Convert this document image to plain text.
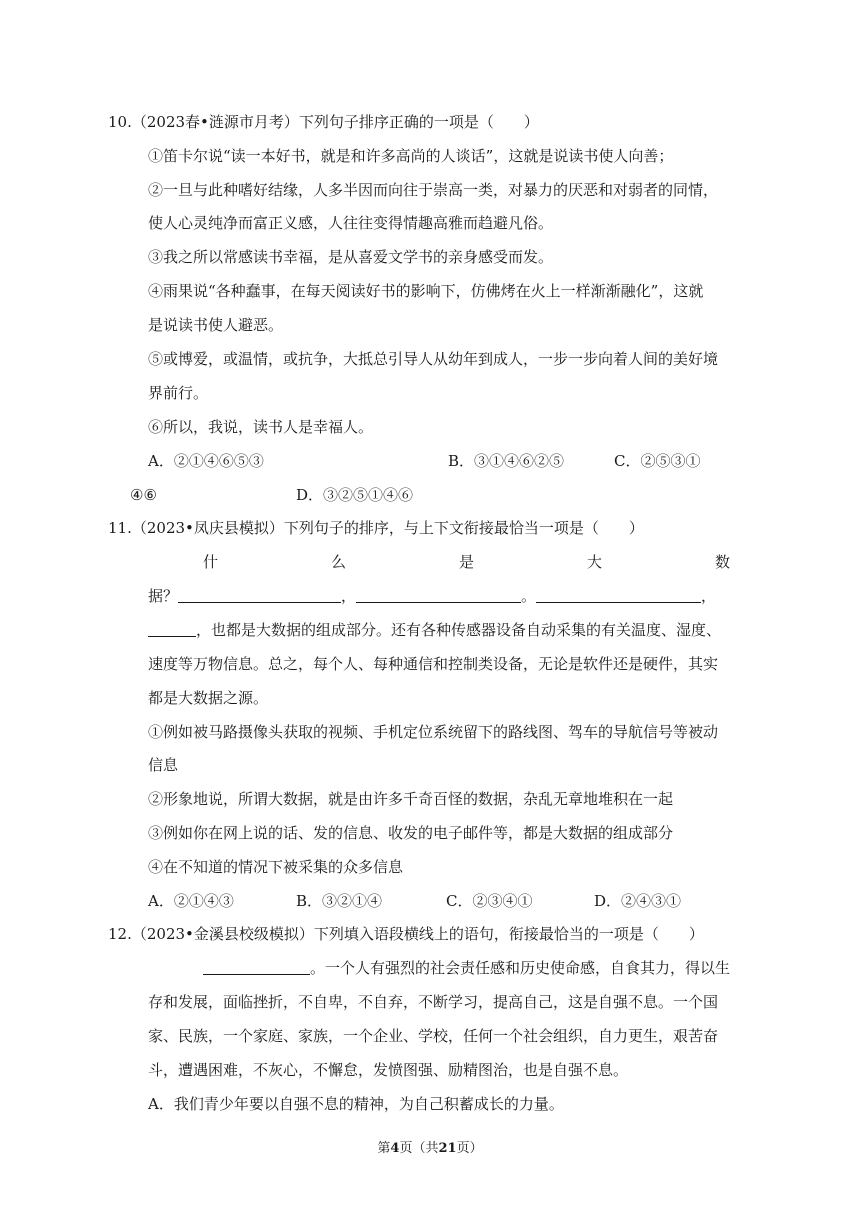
10.（2023春•涟源市月考）下列句子排序正确的一项是（　　）
①笛卡尔说“读一本好书，就是和许多高尚的人谈话”，这就是说读书使人向善；
②一旦与此种嗜好结缘，人多半因而向往于崇高一类，对暴力的厌恶和对弱者的同情，
使人心灵纯净而富正义感，人往往变得情趣高雅而趋避凡俗。
③我之所以常感读书幸福，是从喜爱文学书的亲身感受而发。
④雨果说“各种蠢事，在每天阅读好书的影响下，仿佛烤在火上一样渐渐融化”，这就
是说读书使人避恶。
⑤或博爱，或温情，或抗争，大抵总引导人从幼年到成人，一步一步向着人间的美好境
界前行。
⑥所以，我说，读书人是幸福人。
A．②①④⑥⑤③	B．③①④⑥②⑤	C．②⑤③①
④⑥	D．③②⑤①④⑥
11.（2023•凤庆县模拟）下列句子的排序，与上下文衔接最恰当一项是（　　）
什	么	是	大	数
据？	，	。	，
，也都是大数据的组成部分。还有各种传感器设备自动采集的有关温度、湿度、
速度等万物信息。总之，每个人、每种通信和控制类设备，无论是软件还是硬件，其实
都是大数据之源。
①例如被马路摄像头获取的视频、手机定位系统留下的路线图、驾车的导航信号等被动
信息
②形象地说，所谓大数据，就是由许多千奇百怪的数据，杂乱无章地堆积在一起
③例如你在网上说的话、发的信息、收发的电子邮件等，都是大数据的组成部分
④在不知道的情况下被采集的众多信息
A．②①④③	B．③②①④	C．②③④①	D．②④③①
12.（2023•金溪县校级模拟）下列填入语段横线上的语句，衔接最恰当的一项是（　　）
。一个人有强烈的社会责任感和历史使命感，自食其力，得以生
存和发展，面临挫折，不自卑，不自弃，不断学习，提高自己，这是自强不息。一个国
家、民族，一个家庭、家族，一个企业、学校，任何一个社会组织，自力更生，艰苦奋
斗，遭遇困难，不灰心，不懈怠，发愤图强、励精图治，也是自强不息。
A．我们青少年要以自强不息的精神，为自己积蓄成长的力量。
第4页（共21页）
